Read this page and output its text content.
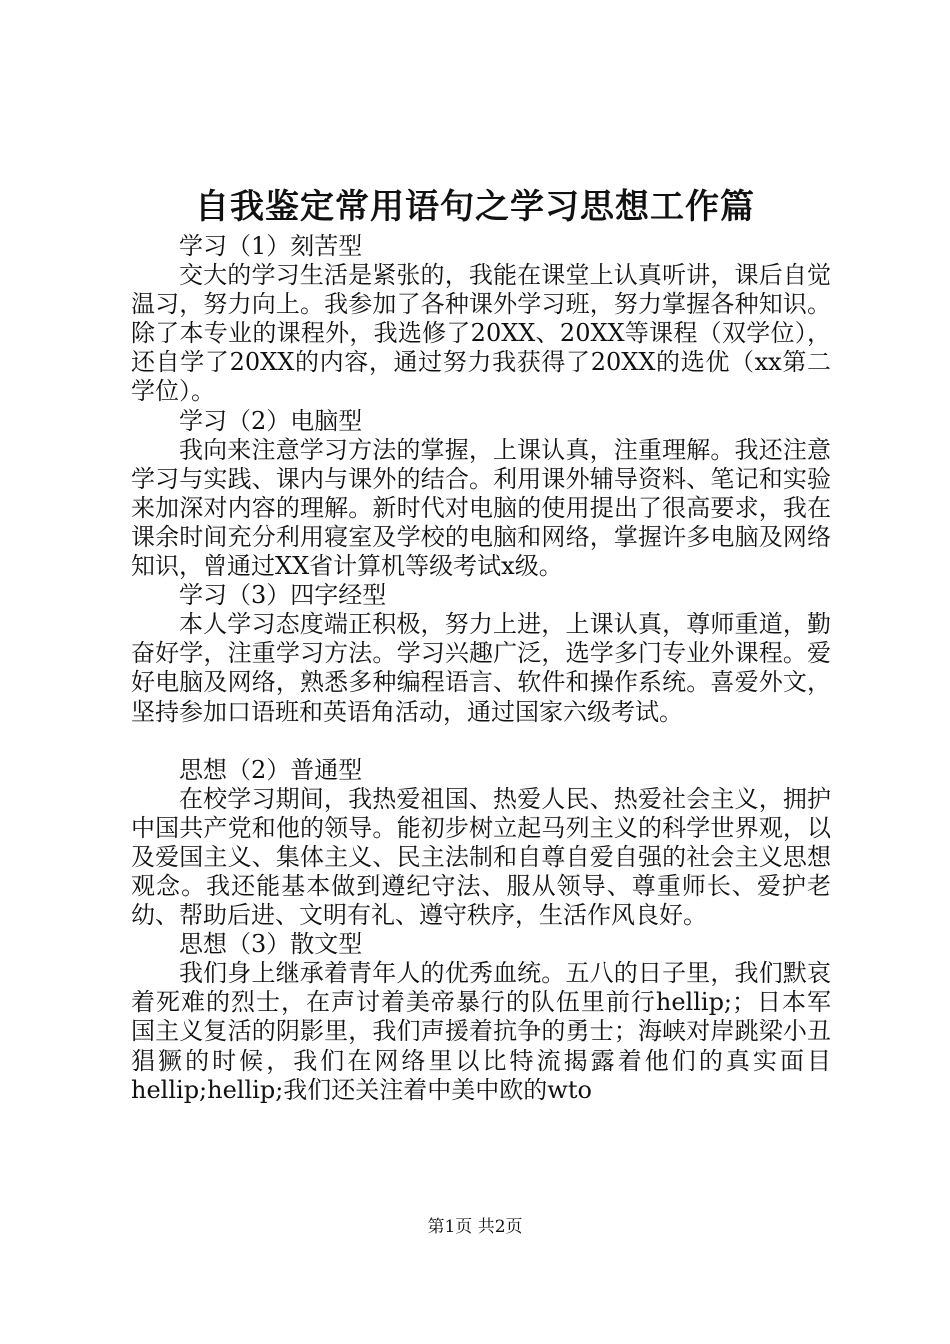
自我鉴定常用语句之学习思想工作篇

学习（1）刻苦型

交大的学习生活是紧张的，我能在课堂上认真听讲，课后自觉温习，努力向上。我参加了各种课外学习班，努力掌握各种知识。除了本专业的课程外，我选修了20XX、20XX等课程（双学位），还自学了20XX的内容，通过努力我获得了20XX的选优（xx第二学位）。

学习（2）电脑型

我向来注意学习方法的掌握，上课认真，注重理解。我还注意学习与实践、课内与课外的结合。利用课外辅导资料、笔记和实验来加深对内容的理解。新时代对电脑的使用提出了很高要求，我在课余时间充分利用寝室及学校的电脑和网络，掌握许多电脑及网络知识，曾通过XX省计算机等级考试x级。

学习（3）四字经型

本人学习态度端正积极，努力上进，上课认真，尊师重道，勤奋好学，注重学习方法。学习兴趣广泛，选学多门专业外课程。爱好电脑及网络，熟悉多种编程语言、软件和操作系统。喜爱外文，坚持参加口语班和英语角活动，通过国家六级考试。

思想（2）普通型

在校学习期间，我热爱祖国、热爱人民、热爱社会主义，拥护中国共产党和他的领导。能初步树立起马列主义的科学世界观，以及爱国主义、集体主义、民主法制和自尊自爱自强的社会主义思想观念。我还能基本做到遵纪守法、服从领导、尊重师长、爱护老幼、帮助后进、文明有礼、遵守秩序，生活作风良好。

思想（3）散文型

我们身上继承着青年人的优秀血统。五八的日子里，我们默哀着死难的烈士，在声讨着美帝暴行的队伍里前行hellip;；日本军国主义复活的阴影里，我们声援着抗争的勇士；海峡对岸跳梁小丑猖獗的时候，我们在网络里以比特流揭露着他们的真实面目hellip;hellip;我们还关注着中美中欧的wto

第1页 共2页
